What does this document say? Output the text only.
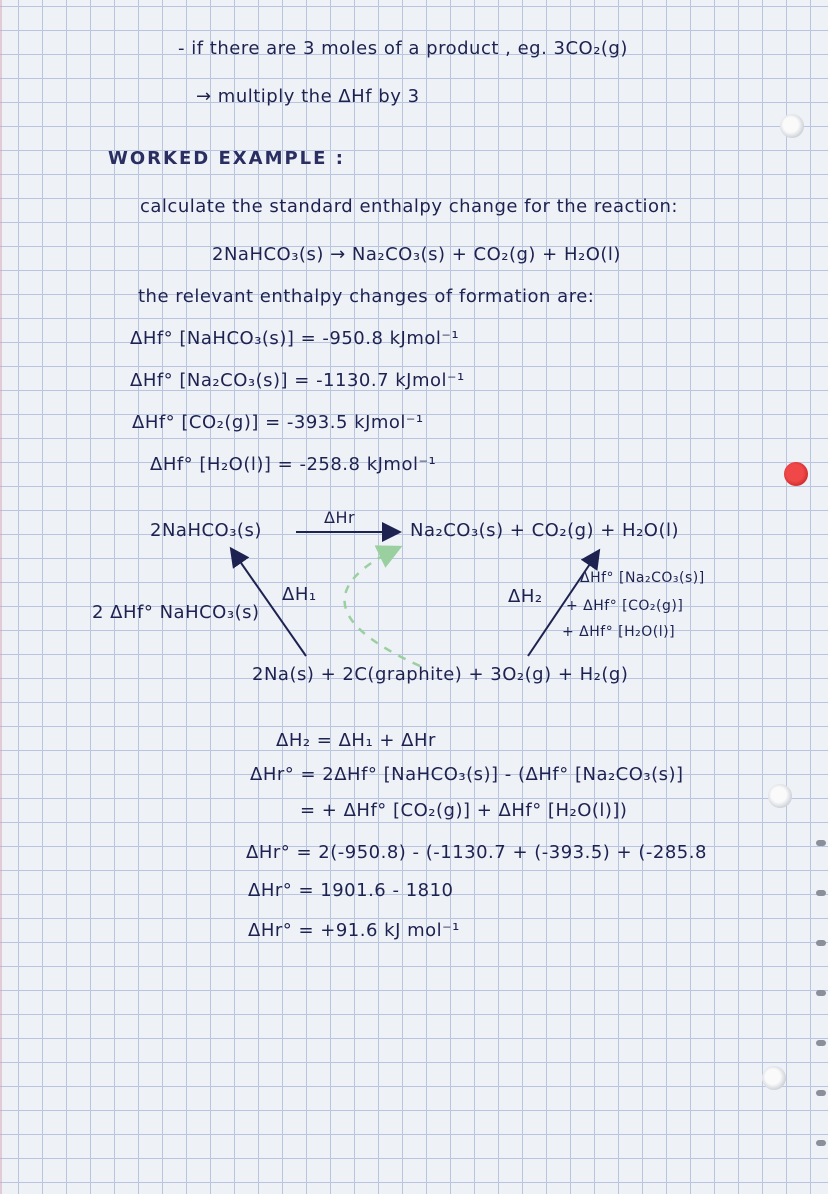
- if there are 3 moles of a product , eg. 3CO₂(g)
→ multiply the ΔHf by 3
WORKED EXAMPLE :
calculate the standard enthalpy change for the reaction:
2NaHCO₃(s) → Na₂CO₃(s) + CO₂(g) + H₂O(l)
the relevant enthalpy changes of formation are:
ΔHf° [NaHCO₃(s)] = -950.8 kJmol⁻¹
ΔHf° [Na₂CO₃(s)] = -1130.7 kJmol⁻¹
ΔHf° [CO₂(g)] = -393.5 kJmol⁻¹
ΔHf° [H₂O(l)] = -258.8 kJmol⁻¹
ΔHr
2NaHCO₃(s)	Na₂CO₃(s) + CO₂(g) + H₂O(l)
ΔH₁	ΔH₂
2 ΔHf° NaHCO₃(s)
ΔHf° [Na₂CO₃(s)]
+ ΔHf° [CO₂(g)]
+ ΔHf° [H₂O(l)]
2Na(s) + 2C(graphite) + 3O₂(g) + H₂(g)
ΔH₂ = ΔH₁ + ΔHr
ΔHr° = 2ΔHf° [NaHCO₃(s)] - (ΔHf° [Na₂CO₃(s)]
= + ΔHf° [CO₂(g)] + ΔHf° [H₂O(l)])
ΔHr° = 2(-950.8) - (-1130.7 + (-393.5) + (-285.8
ΔHr° = 1901.6 - 1810
ΔHr° = +91.6 kJ mol⁻¹
